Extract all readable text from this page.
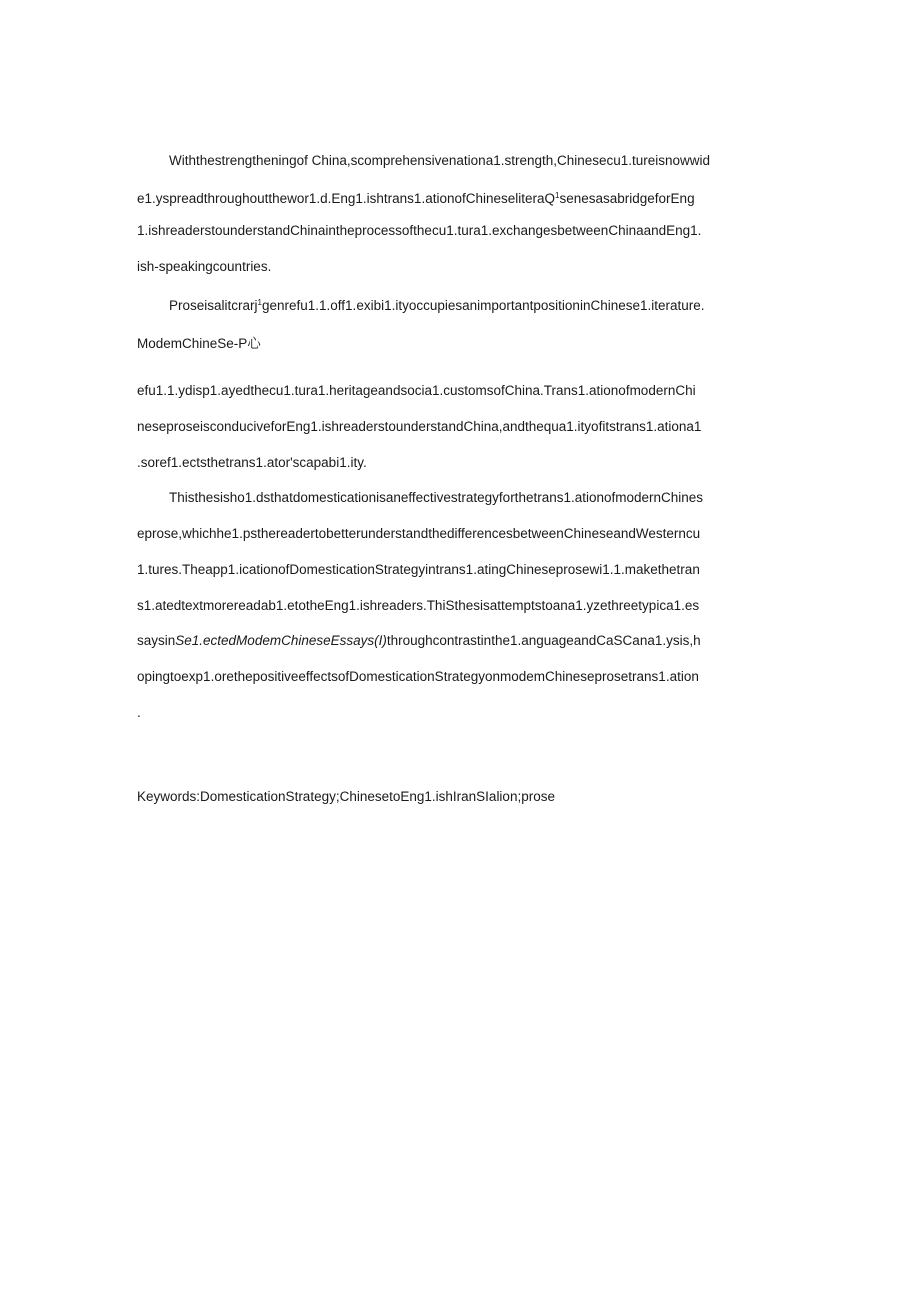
Withthestrengtheningof China,scomprehensivenationa1.strength,Chinesecu1.tureisnowwid
e1.yspreadthroughoutthewor1.d.Eng1.ishtrans1.ationofChineseliteraQ$^1$senesasabridgeforEng
1.ishreaderstounderstandChinaintheprocessofthecu1.tura1.exchangesbetweenChinaandEng1.
ish-speakingcountries.
Proseisalitcrarj$^1$genrefu1.1.off1.exibi1.ityoccupiesanimportantpositioninChinese1.iterature.
ModemChineSe-P心
efu1.1.ydisp1.ayedthecu1.tura1.heritageandsocia1.customsofChina.Trans1.ationofmodernChi
neseproseisconduciveforEng1.ishreaderstounderstandChina,andthequa1.ityofitstrans1.ationa1
.soref1.ectsthetrans1.ator'scapabi1.ity.
Thisthesisho1.dsthatdomesticationisaneffectivestrategyforthetrans1.ationofmodernChines
eprose,whichhe1.psthereadertobetterunderstandthedifferencesbetweenChineseandWesterncu
1.tures.Theapp1.icationofDomesticationStrategyintrans1.atingChineseprosewi1.1.makethetran
s1.atedtextmorereadab1.etotheEng1.ishreaders.ThiSthesisattemptstoana1.yzethreetypica1.es
saysinSe1.ectedModemChineseEssays(I)throughcontrastinthe1.anguageandCaSCana1.ysis,h
opingtoexp1.orethepositiveeffectsofDomesticationStrategyonmodemChineseprosetrans1.ation
.
Keywords:DomesticationStrategy;ChinesetoEng1.ishIranSIalion;prose
